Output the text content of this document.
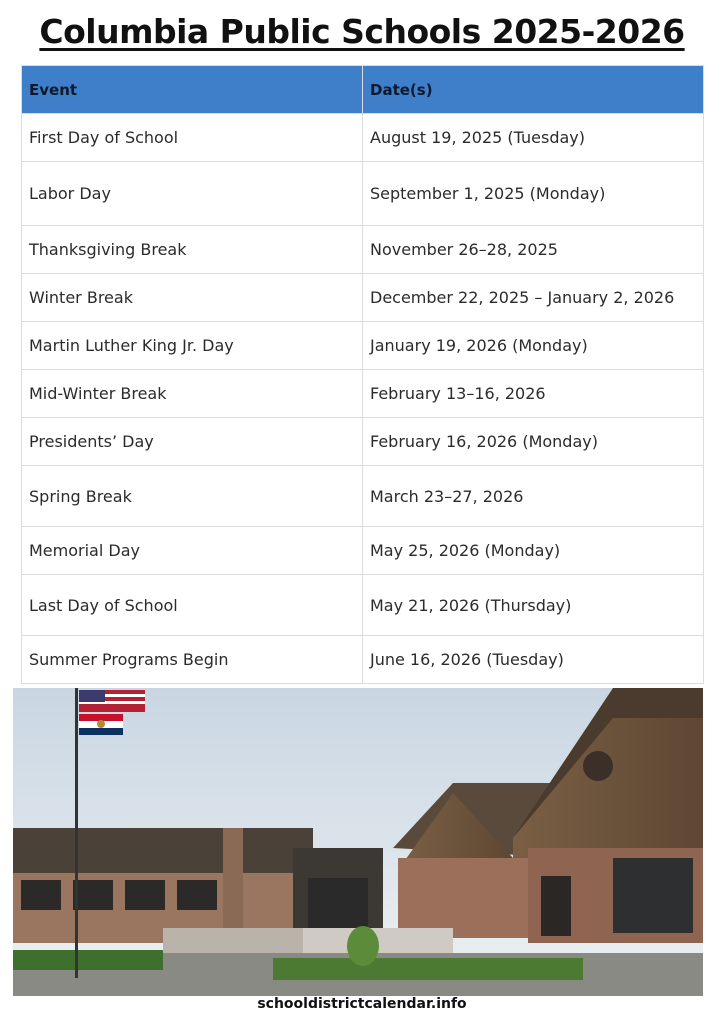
Columbia Public Schools 2025-2026
Event	Date(s)
First Day of School	August 19, 2025 (Tuesday)
Labor Day	September 1, 2025 (Monday)
Thanksgiving Break	November 26–28, 2025
Winter Break	December 22, 2025 – January 2, 2026
Martin Luther King Jr. Day	January 19, 2026 (Monday)
Mid-Winter Break	February 13–16, 2026
Presidents’ Day	February 16, 2026 (Monday)
Spring Break	March 23–27, 2026
Memorial Day	May 25, 2026 (Monday)
Last Day of School	May 21, 2026 (Thursday)
Summer Programs Begin	June 16, 2026 (Tuesday)
schooldistrictcalendar.info
